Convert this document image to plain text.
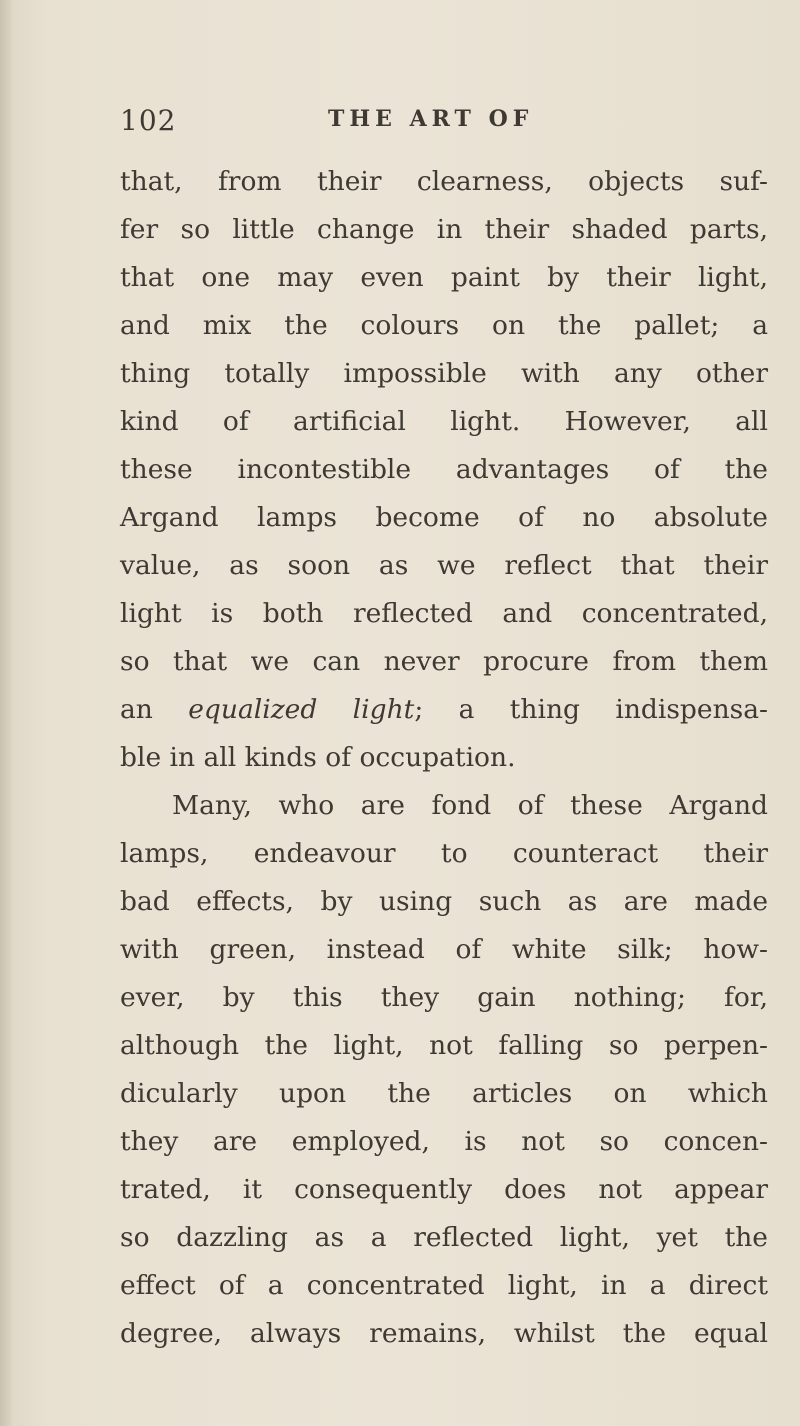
102	THE ART OF
that, from their clearness, objects suf-
fer so little change in their shaded parts,
that one may even paint by their light,
and mix the colours on the pallet; a
thing totally impossible with any other
kind of artificial light. However, all
these incontestible advantages of the
Argand lamps become of no absolute
value, as soon as we reflect that their
light is both reflected and concentrated,
so that we can never procure from them
an equalized light; a thing indispensa-
ble in all kinds of occupation.
Many, who are fond of these Argand
lamps, endeavour to counteract their
bad effects, by using such as are made
with green, instead of white silk; how-
ever, by this they gain nothing; for,
although the light, not falling so perpen-
dicularly upon the articles on which
they are employed, is not so concen-
trated, it consequently does not appear
so dazzling as a reflected light, yet the
effect of a concentrated light, in a direct
degree, always remains, whilst the equal
